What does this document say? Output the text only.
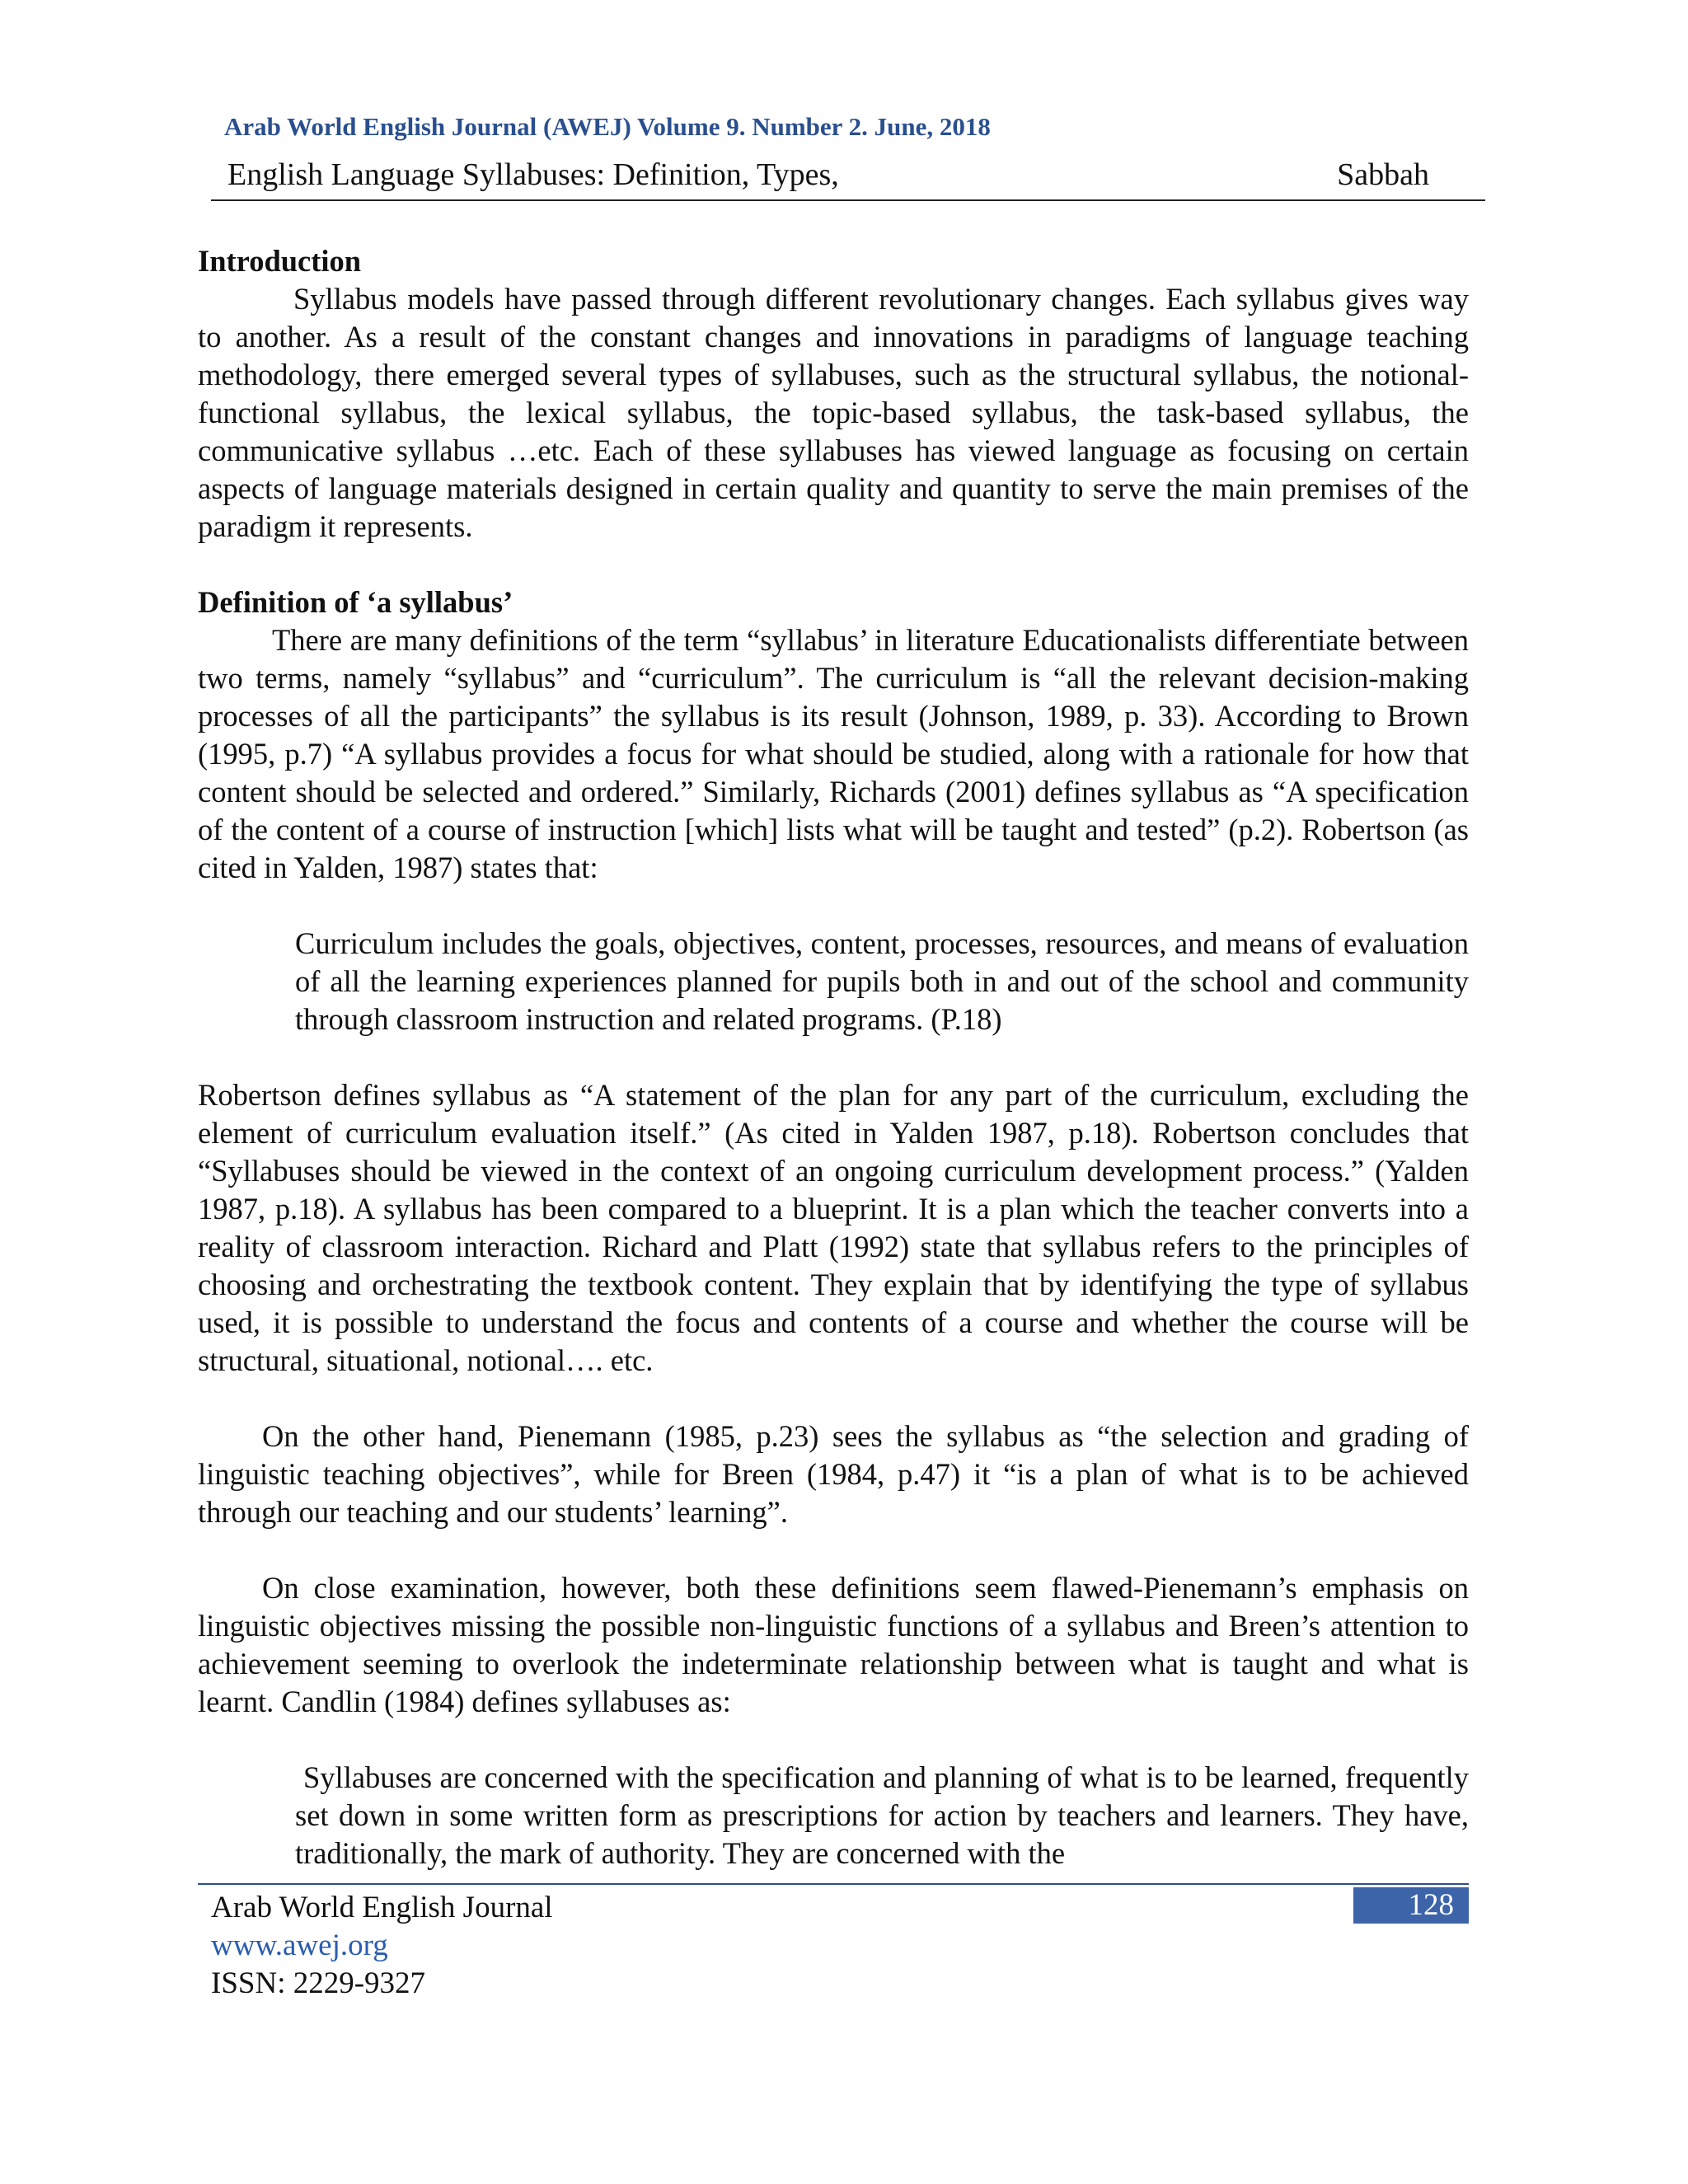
Arab World English Journal (AWEJ) Volume 9. Number 2. June, 2018
English Language Syllabuses: Definition, Types,	Sabbah

Introduction

Syllabus models have passed through different revolutionary changes. Each syllabus gives way to another. As a result of the constant changes and innovations in paradigms of language teaching methodology, there emerged several types of syllabuses, such as the structural syllabus, the notional-functional syllabus, the lexical syllabus, the topic-based syllabus, the task-based syllabus, the communicative syllabus …etc. Each of these syllabuses has viewed language as focusing on certain aspects of language materials designed in certain quality and quantity to serve the main premises of the paradigm it represents.

Definition of ‘a syllabus’

There are many definitions of the term “syllabus’ in literature Educationalists differentiate between two terms, namely “syllabus” and “curriculum”. The curriculum is “all the relevant decision-making processes of all the participants” the syllabus is its result (Johnson, 1989, p. 33). According to Brown (1995, p.7) “A syllabus provides a focus for what should be studied, along with a rationale for how that content should be selected and ordered.” Similarly, Richards (2001) defines syllabus as “A specification of the content of a course of instruction [which] lists what will be taught and tested” (p.2). Robertson (as cited in Yalden, 1987) states that:

Curriculum includes the goals, objectives, content, processes, resources, and means of evaluation of all the learning experiences planned for pupils both in and out of the school and community through classroom instruction and related programs. (P.18)

Robertson defines syllabus as “A statement of the plan for any part of the curriculum, excluding the element of curriculum evaluation itself.” (As cited in Yalden 1987, p.18). Robertson concludes that “Syllabuses should be viewed in the context of an ongoing curriculum development process.” (Yalden 1987, p.18). A syllabus has been compared to a blueprint. It is a plan which the teacher converts into a reality of classroom interaction. Richard and Platt (1992) state that syllabus refers to the principles of choosing and orchestrating the textbook content. They explain that by identifying the type of syllabus used, it is possible to understand the focus and contents of a course and whether the course will be structural, situational, notional…. etc.

On the other hand, Pienemann (1985, p.23) sees the syllabus as “the selection and grading of linguistic teaching objectives”, while for Breen (1984, p.47) it “is a plan of what is to be achieved through our teaching and our students’ learning”.

On close examination, however, both these definitions seem flawed-Pienemann’s emphasis on linguistic objectives missing the possible non-linguistic functions of a syllabus and Breen’s attention to achievement seeming to overlook the indeterminate relationship between what is taught and what is learnt. Candlin (1984) defines syllabuses as:

Syllabuses are concerned with the specification and planning of what is to be learned, frequently set down in some written form as prescriptions for action by teachers and learners. They have, traditionally, the mark of authority. They are concerned with the

Arab World English Journal	128
www.awej.org
ISSN: 2229-9327
